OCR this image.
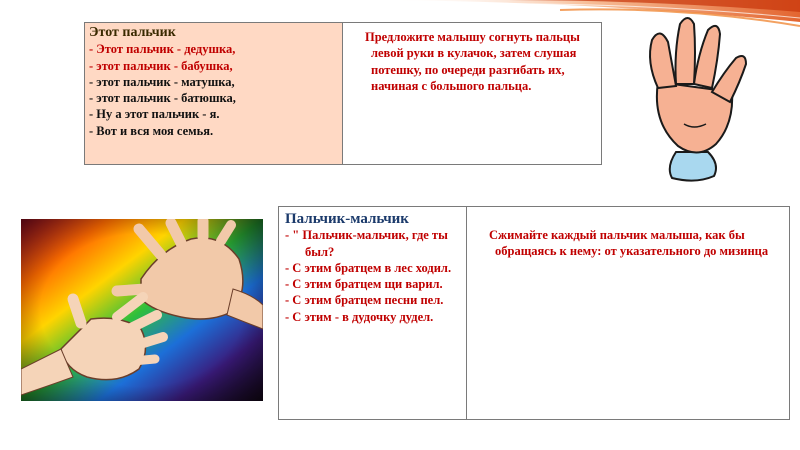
Этот пальчик
- Этот пальчик - дедушка,
- этот пальчик - бабушка,
- этот пальчик - матушка,
- этот пальчик - батюшка,
- Ну а этот пальчик - я.
- Вот и вся моя семья.
Предложите малышу согнуть пальцы левой руки в кулачок, затем слушая потешку, по очереди разгибать их, начиная с большого пальца.
Пальчик-мальчик
- " Пальчик-мальчик, где ты был?
- С этим братцем в лес ходил.
- С этим братцем щи варил.
- С этим братцем песни пел.
- С этим - в дудочку дудел.
Сжимайте каждый пальчик малыша, как бы обращаясь к нему: от указательного до мизинца
